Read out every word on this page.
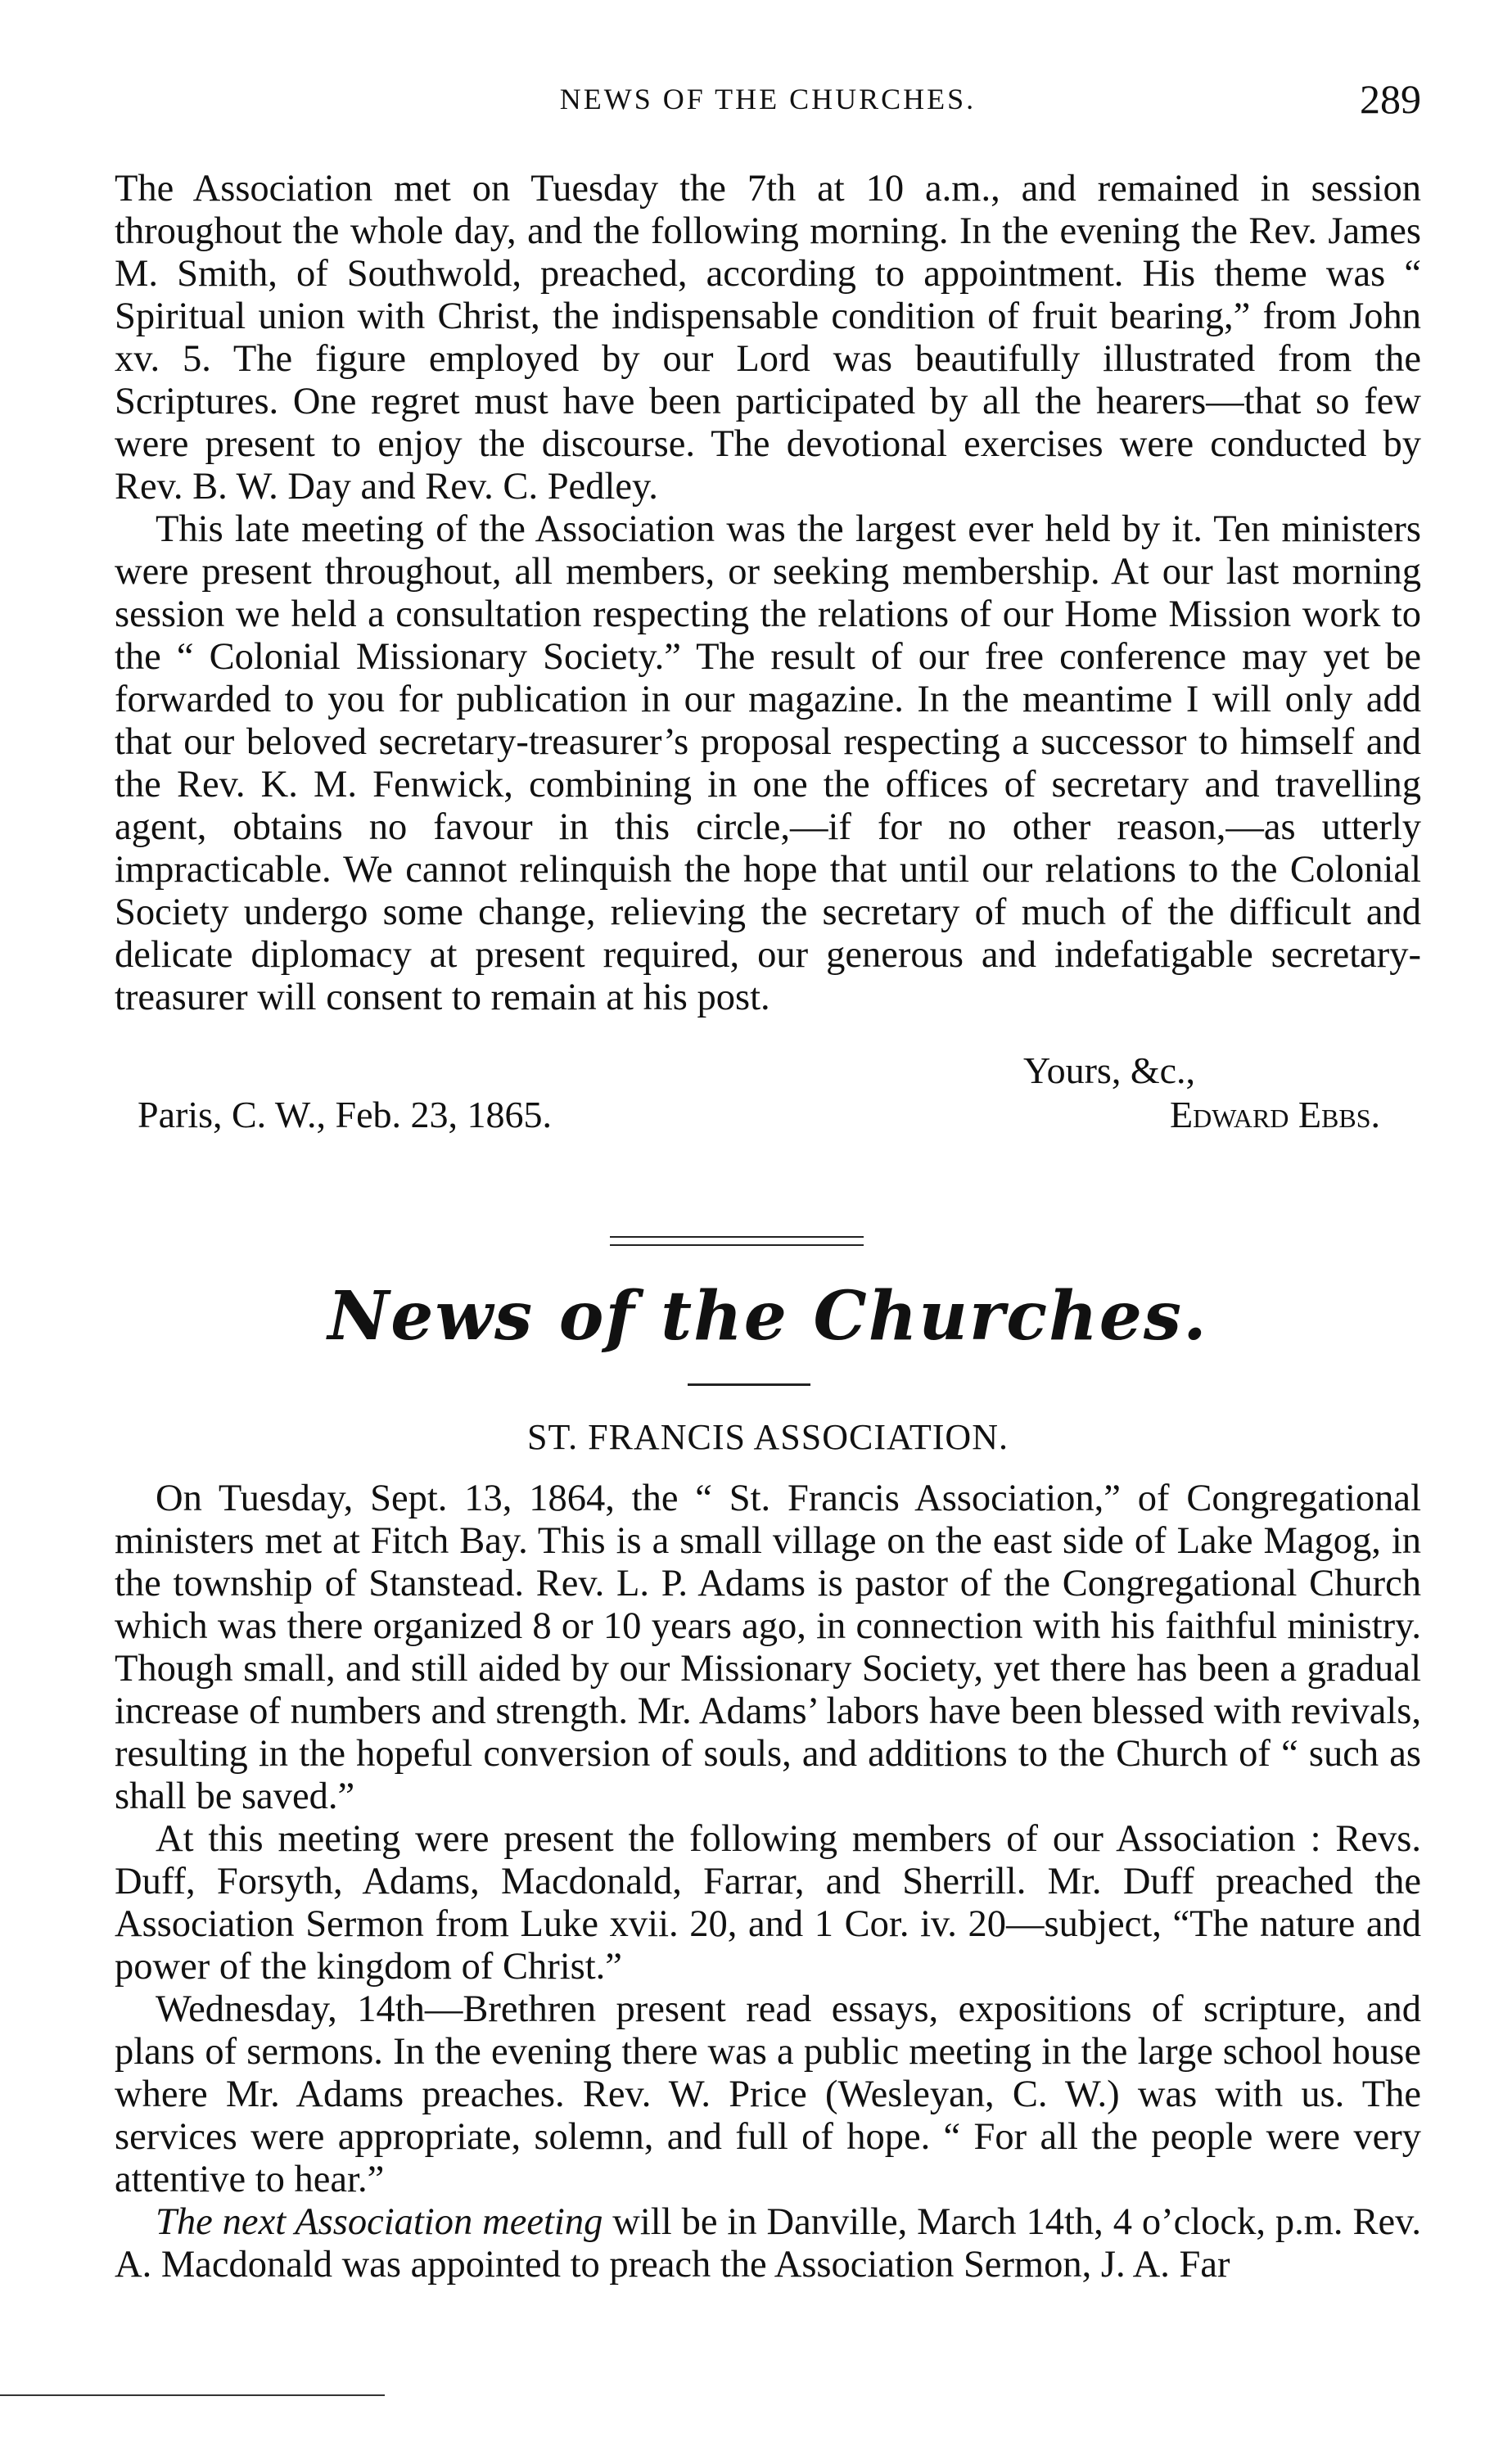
NEWS OF THE CHURCHES.	289

The Association met on Tuesday the 7th at 10 a.m., and remained in session throughout the whole day, and the following morning. In the evening the Rev. James M. Smith, of Southwold, preached, according to appointment. His theme was “ Spiritual union with Christ, the indispensable condition of fruit bearing,” from John xv. 5. The figure employed by our Lord was beautifully illustrated from the Scriptures. One regret must have been participated by all the hearers—that so few were present to enjoy the discourse. The devotional exercises were conducted by Rev. B. W. Day and Rev. C. Pedley.

This late meeting of the Association was the largest ever held by it. Ten ministers were present throughout, all members, or seeking membership. At our last morning session we held a consultation respecting the relations of our Home Mission work to the “ Colonial Missionary Society.” The result of our free conference may yet be forwarded to you for publication in our magazine. In the meantime I will only add that our beloved secretary-treasurer’s proposal respecting a successor to himself and the Rev. K. M. Fenwick, combining in one the offices of secretary and travelling agent, obtains no favour in this circle,—if for no other reason,—as utterly impracticable. We cannot relinquish the hope that until our relations to the Colonial Society undergo some change, relieving the secretary of much of the difficult and delicate diplomacy at present required, our generous and indefatigable secretary-treasurer will consent to remain at his post.

Yours, &c.,
Paris, C. W., Feb. 23, 1865.	Edward Ebbs.
News of the Churches.
ST. FRANCIS ASSOCIATION.

On Tuesday, Sept. 13, 1864, the “ St. Francis Association,” of Congregational ministers met at Fitch Bay. This is a small village on the east side of Lake Magog, in the township of Stanstead. Rev. L. P. Adams is pastor of the Congregational Church which was there organized 8 or 10 years ago, in connection with his faithful ministry. Though small, and still aided by our Missionary Society, yet there has been a gradual increase of numbers and strength. Mr. Adams’ labors have been blessed with revivals, resulting in the hopeful conversion of souls, and additions to the Church of “ such as shall be saved.”

At this meeting were present the following members of our Association : Revs. Duff, Forsyth, Adams, Macdonald, Farrar, and Sherrill. Mr. Duff preached the Association Sermon from Luke xvii. 20, and 1 Cor. iv. 20—subject, “The nature and power of the kingdom of Christ.”

Wednesday, 14th—Brethren present read essays, expositions of scripture, and plans of sermons. In the evening there was a public meeting in the large school house where Mr. Adams preaches. Rev. W. Price (Wesleyan, C. W.) was with us. The services were appropriate, solemn, and full of hope. “ For all the people were very attentive to hear.”

The next Association meeting will be in Danville, March 14th, 4 o’clock, p.m. Rev. A. Macdonald was appointed to preach the Association Sermon, J. A. Far
